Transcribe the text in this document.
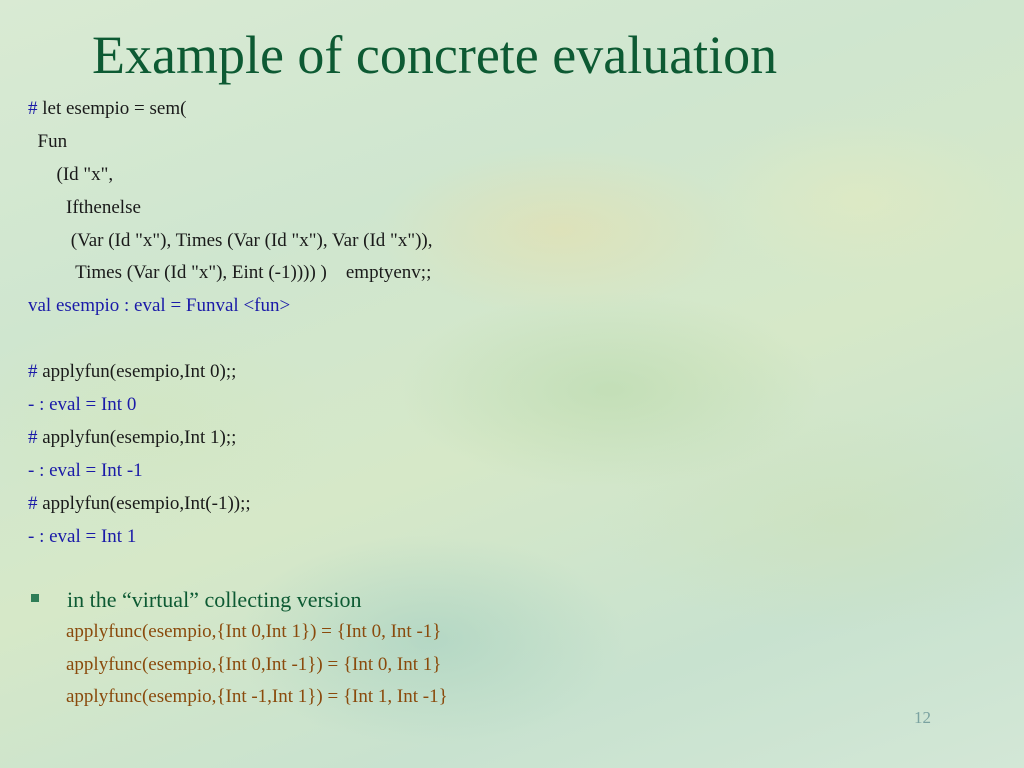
Example of concrete evaluation
# let esempio = sem(
Fun
(Id "x",
Ifthenelse
(Var (Id "x"), Times (Var (Id "x"), Var (Id "x")),
Times (Var (Id "x"), Eint (-1)))) )    emptyenv;;
val esempio : eval = Funval <fun>
# applyfun(esempio,Int 0);;
- : eval = Int 0
# applyfun(esempio,Int 1);;
- : eval = Int -1
# applyfun(esempio,Int(-1));;
- : eval = Int 1
in the “virtual” collecting version
applyfunc(esempio,{Int 0,Int 1}) = {Int 0, Int -1}
applyfunc(esempio,{Int 0,Int -1}) = {Int 0, Int 1}
applyfunc(esempio,{Int -1,Int 1}) = {Int 1, Int -1}
12
